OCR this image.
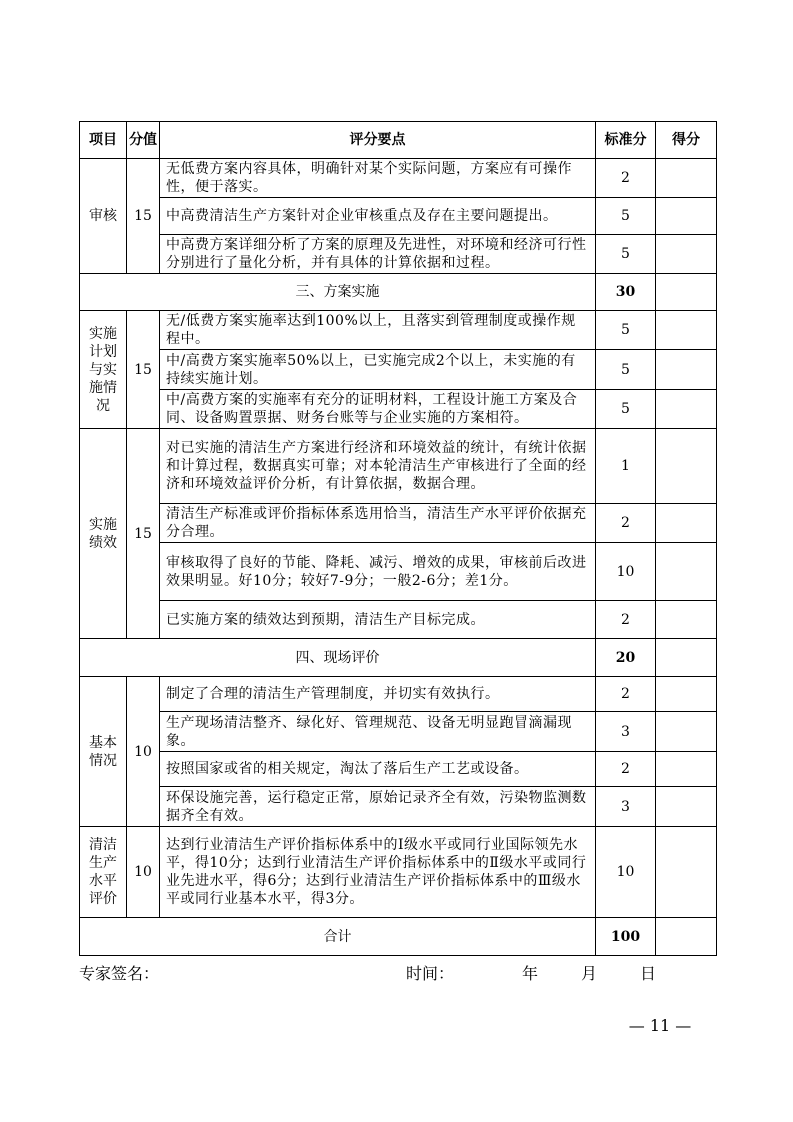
项目	分值	评分要点	标准分	得分
审核	15	无低费方案内容具体，明确针对某个实际问题，方案应有可操作性，便于落实。	2	
		中高费清洁生产方案针对企业审核重点及存在主要问题提出。	5	
		中高费方案详细分析了方案的原理及先进性，对环境和经济可行性分别进行了量化分析，并有具体的计算依据和过程。	5	
三、方案实施			30	
实施计划与实施情况	15	无/低费方案实施率达到100%以上，且落实到管理制度或操作规程中。	5	
		中/高费方案实施率50%以上，已实施完成2个以上，未实施的有持续实施计划。	5	
		中/高费方案的实施率有充分的证明材料，工程设计施工方案及合同、设备购置票据、财务台账等与企业实施的方案相符。	5	
实施绩效	15	对已实施的清洁生产方案进行经济和环境效益的统计，有统计依据和计算过程，数据真实可靠；对本轮清洁生产审核进行了全面的经济和环境效益评价分析，有计算依据，数据合理。	1	
		清洁生产标准或评价指标体系选用恰当，清洁生产水平评价依据充分合理。	2	
		审核取得了良好的节能、降耗、减污、增效的成果，审核前后改进效果明显。好10分；较好7-9分；一般2-6分；差1分。	10	
		已实施方案的绩效达到预期，清洁生产目标完成。	2	
四、现场评价			20	
基本情况	10	制定了合理的清洁生产管理制度，并切实有效执行。	2	
		生产现场清洁整齐、绿化好、管理规范、设备无明显跑冒滴漏现象。	3	
		按照国家或省的相关规定，淘汰了落后生产工艺或设备。	2	
		环保设施完善，运行稳定正常，原始记录齐全有效，污染物监测数据齐全有效。	3	
清洁生产水平评价	10	达到行业清洁生产评价指标体系中的Ⅰ级水平或同行业国际领先水平，得10分；达到行业清洁生产评价指标体系中的Ⅱ级水平或同行业先进水平，得6分；达到行业清洁生产评价指标体系中的Ⅲ级水平或同行业基本水平，得3分。	10	
合计			100	
专家签名：	时间：	年	月	日
— 11 —
